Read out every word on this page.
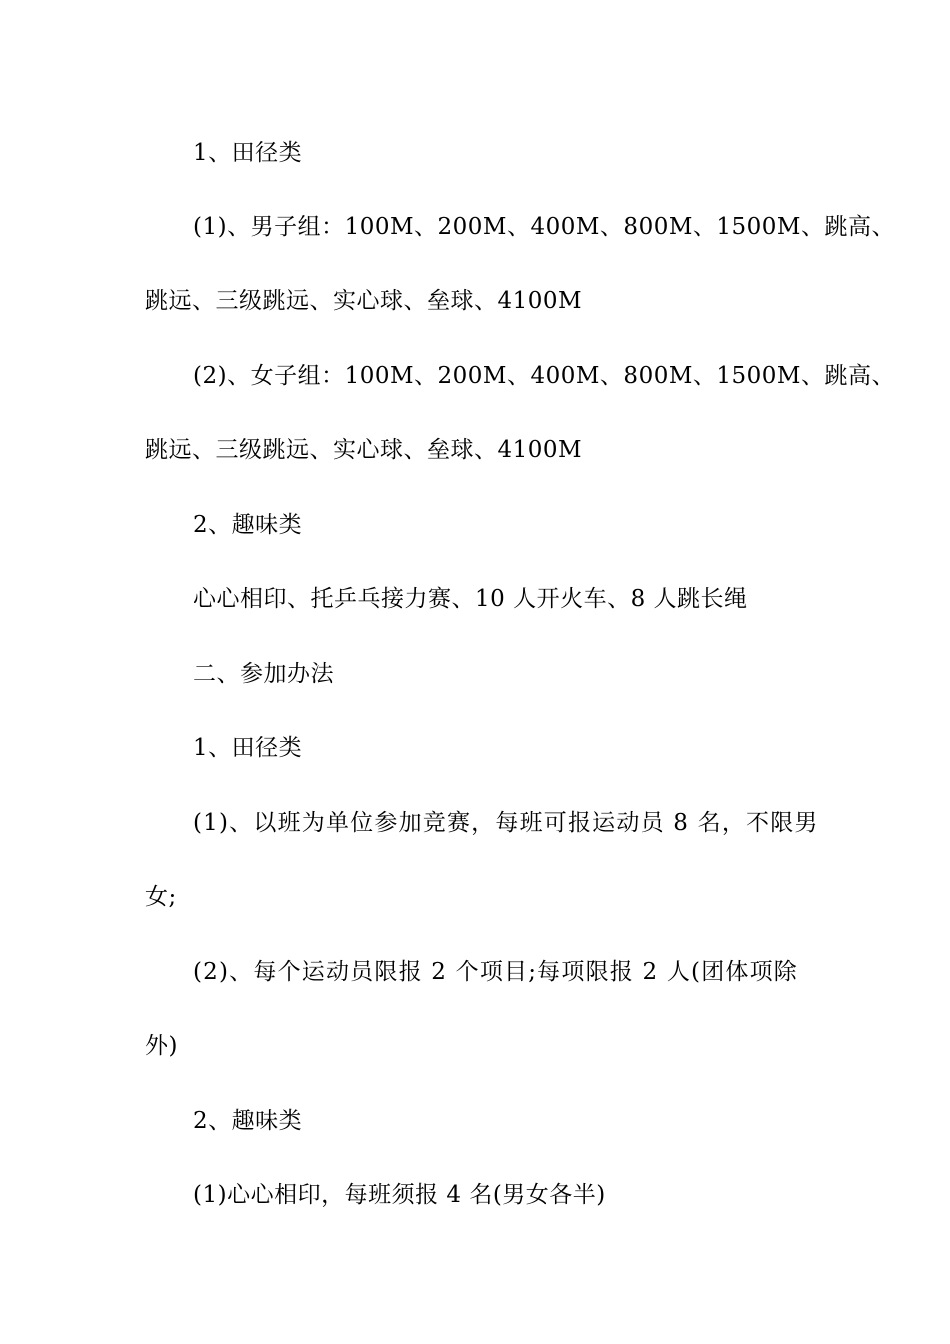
1、田径类
(1)、男子组：100M、200M、400M、800M、1500M、跳高、
跳远、三级跳远、实心球、垒球、4100M
(2)、女子组：100M、200M、400M、800M、1500M、跳高、
跳远、三级跳远、实心球、垒球、4100M
2、趣味类
心心相印、托乒乓接力赛、10 人开火车、8 人跳长绳
二、参加办法
1、田径类
(1)、以班为单位参加竞赛，每班可报运动员 8 名，不限男
女;
(2)、每个运动员限报 2 个项目;每项限报 2 人(团体项除
外)
2、趣味类
(1)心心相印，每班须报 4 名(男女各半)
